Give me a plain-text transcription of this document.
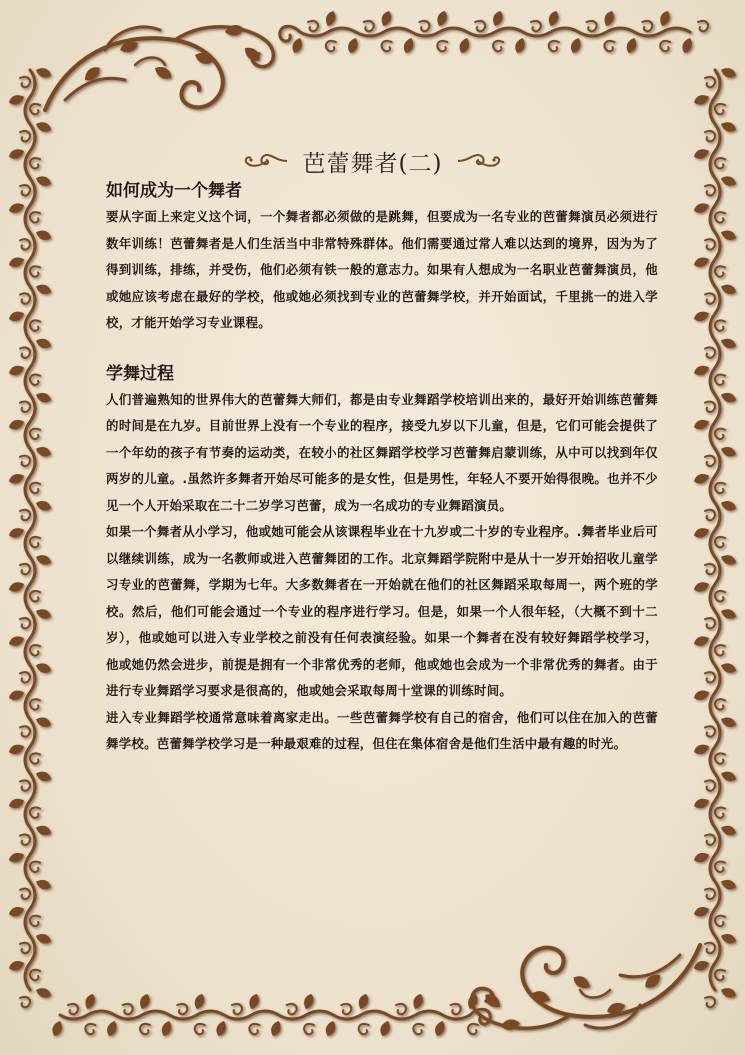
芭蕾舞者(二)
如何成为一个舞者

要从字面上来定义这个词，一个舞者都必须做的是跳舞，但要成为一名专业的芭蕾舞演员必须进行数年训练！芭蕾舞者是人们生活当中非常特殊群体。他们需要通过常人难以达到的境界，因为为了得到训练，排练，并受伤，他们必须有铁一般的意志力。如果有人想成为一名职业芭蕾舞演员，他或她应该考虑在最好的学校，他或她必须找到专业的芭蕾舞学校，并开始面试，千里挑一的进入学校，才能开始学习专业课程。

学舞过程

人们普遍熟知的世界伟大的芭蕾舞大师们，都是由专业舞蹈学校培训出来的，最好开始训练芭蕾舞的时间是在九岁。目前世界上没有一个专业的程序，接受九岁以下儿童，但是，它们可能会提供了一个年幼的孩子有节奏的运动类，在较小的社区舞蹈学校学习芭蕾舞启蒙训练，从中可以找到年仅两岁的儿童。.虽然许多舞者开始尽可能多的是女性，但是男性，年轻人不要开始得很晚。也并不少见一个人开始采取在二十二岁学习芭蕾，成为一名成功的专业舞蹈演员。

如果一个舞者从小学习，他或她可能会从该课程毕业在十九岁或二十岁的专业程序。.舞者毕业后可以继续训练，成为一名教师或进入芭蕾舞团的工作。北京舞蹈学院附中是从十一岁开始招收儿童学习专业的芭蕾舞，学期为七年。大多数舞者在一开始就在他们的社区舞蹈采取每周一，两个班的学校。然后，他们可能会通过一个专业的程序进行学习。但是，如果一个人很年轻，（大概不到十二岁），他或她可以进入专业学校之前没有任何表演经验。如果一个舞者在没有较好舞蹈学校学习，他或她仍然会进步，前提是拥有一个非常优秀的老师，他或她也会成为一个非常优秀的舞者。由于进行专业舞蹈学习要求是很高的，他或她会采取每周十堂课的训练时间。

进入专业舞蹈学校通常意味着离家走出。一些芭蕾舞学校有自己的宿舍，他们可以住在加入的芭蕾舞学校。芭蕾舞学校学习是一种最艰难的过程，但住在集体宿舍是他们生活中最有趣的时光。
